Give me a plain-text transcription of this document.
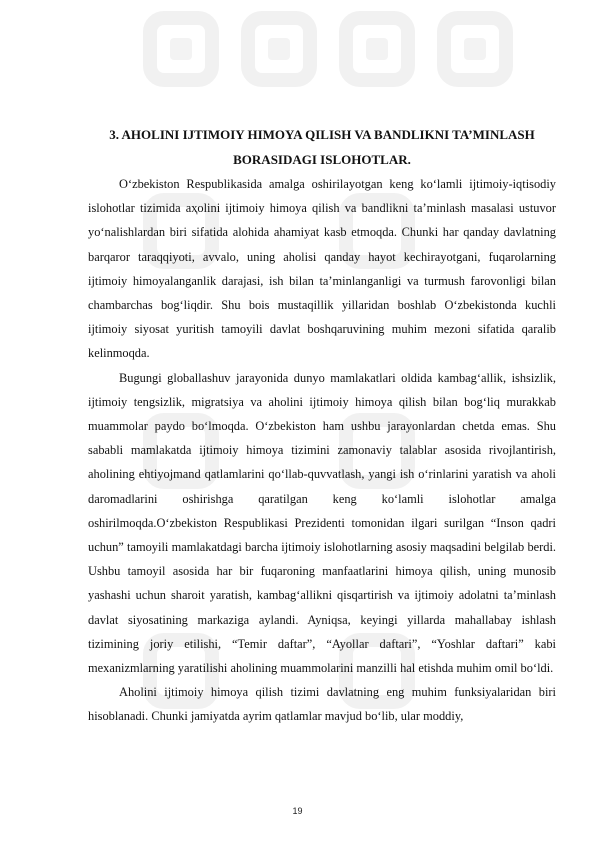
3. AHOLINI IJTIMOIY HIMOYA QILISH VA BANDLIKNI TA’MINLASH

BORASIDAGI ISLOHOTLAR.

O‘zbekiston Respublikasida amalga oshirilayotgan keng ko‘lamli ijtimoiy-iqtisodiy islohotlar tizimida aҳolini ijtimoiy himoya qilish va bandlikni ta’minlash masalasi ustuvor yo‘nalishlardan biri sifatida alohida ahamiyat kasb etmoqda. Chunki har qanday davlatning barqaror taraqqiyoti, avvalo, uning aholisi qanday hayot kechirayotgani, fuqarolarning ijtimoiy himoyalanganlik darajasi, ish bilan ta’minlanganligi va turmush farovonligi bilan chambarchas bog‘liqdir. Shu bois mustaqillik yillaridan boshlab O‘zbekistonda kuchli ijtimoiy siyosat yuritish tamoyili davlat boshqaruvining muhim mezoni sifatida qaralib kelinmoqda.

Bugungi globallashuv jarayonida dunyo mamlakatlari oldida kambag‘allik, ishsizlik, ijtimoiy tengsizlik, migratsiya va aholini ijtimoiy himoya qilish bilan bog‘liq murakkab muammolar paydo bo‘lmoqda. O‘zbekiston ham ushbu jarayonlardan chetda emas. Shu sababli mamlakatda ijtimoiy himoya tizimini zamonaviy talablar asosida rivojlantirish, aholining ehtiyojmand qatlamlarini qo‘llab-quvvatlash, yangi ish o‘rinlarini yaratish va aholi daromadlarini oshirishga qaratilgan keng ko‘lamli islohotlar amalga oshirilmoqda.O‘zbekiston Respublikasi Prezidenti tomonidan ilgari surilgan “Inson qadri uchun” tamoyili mamlakatdagi barcha ijtimoiy islohotlarning asosiy maqsadini belgilab berdi. Ushbu tamoyil asosida har bir fuqaroning manfaatlarini himoya qilish, uning munosib yashashi uchun sharoit yaratish, kambag‘allikni qisqartirish va ijtimoiy adolatni ta’minlash davlat siyosatining markaziga aylandi. Ayniqsa, keyingi yillarda mahallabay ishlash tizimining joriy etilishi, “Temir daftar”, “Ayollar daftari”, “Yoshlar daftari” kabi mexanizmlarning yaratilishi aholining muammolarini manzilli hal etishda muhim omil bo‘ldi.

Aholini ijtimoiy himoya qilish tizimi davlatning eng muhim funksiyalaridan biri hisoblanadi. Chunki jamiyatda ayrim qatlamlar mavjud bo‘lib, ular moddiy,

19
